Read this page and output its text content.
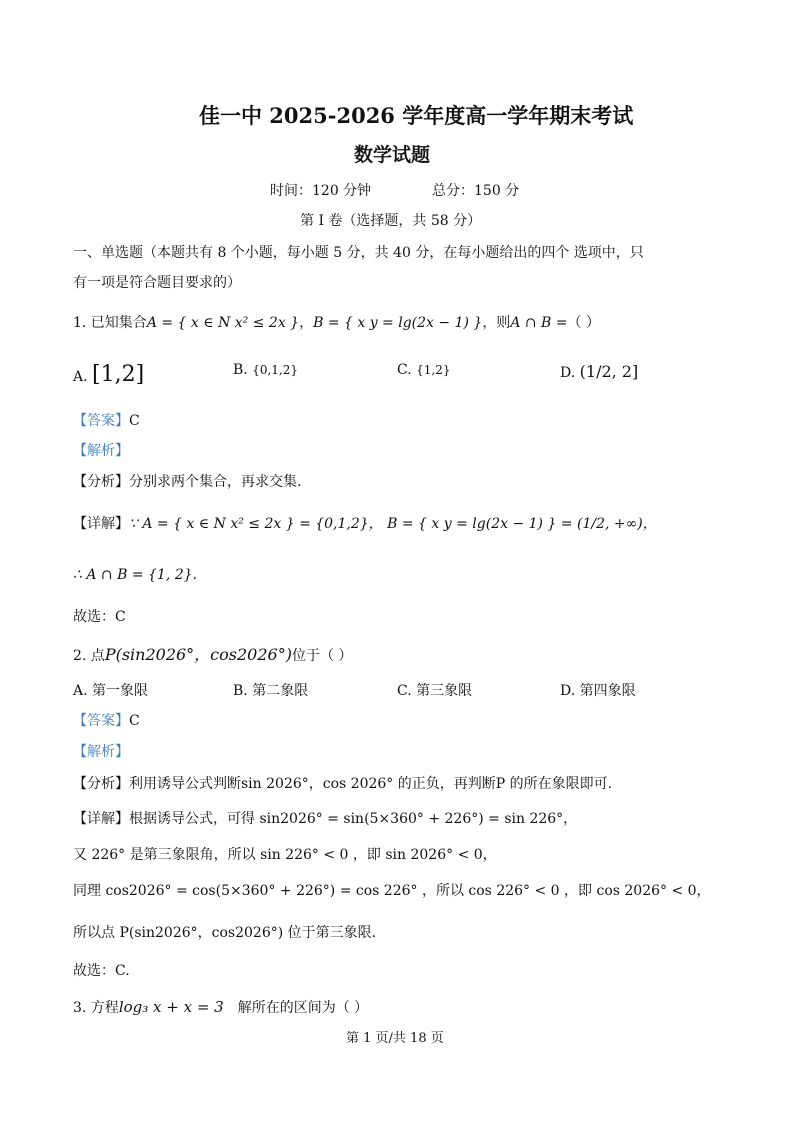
佳一中 2025-2026 学年度高一学年期末考试
数学试题
时间：120 分钟	总分：150 分
第 I 卷（选择题，共 58 分）
一、单选题（本题共有 8 个小题，每小题 5 分，共 40 分，在每小题给出的四个 选项中，只
有一项是符合题目要求的）
1. 已知集合A = { x ∈ N x² ≤ 2x }，B = { x y = lg(2x − 1) }，则A ∩ B =（ ）
A. [1,2]	B. {0,1,2}	C. {1,2}	D. (1/2, 2]
【答案】C
【解析】
【分析】分别求两个集合，再求交集.
【详解】∵ A = { x ∈ N x² ≤ 2x } = {0,1,2}， B = { x y = lg(2x − 1) } = (1/2, +∞)，
∴ A ∩ B = {1, 2}.
故选：C
2. 点P(sin2026°，cos2026°)位于（ ）
A. 第一象限	B. 第二象限	C. 第三象限	D. 第四象限
【答案】C
【解析】
【分析】利用诱导公式判断sin 2026°，cos 2026° 的正负，再判断P 的所在象限即可.
【详解】根据诱导公式，可得 sin2026° = sin(5×360° + 226°) = sin 226°，
又 226° 是第三象限角，所以 sin 226° < 0 ，即 sin 2026° < 0，
同理 cos2026° = cos(5×360° + 226°) = cos 226° ，所以 cos 226° < 0 ，即 cos 2026° < 0，
所以点 P(sin2026°，cos2026°) 位于第三象限.
故选：C.
3. 方程log₃ x + x = 3 解所在的区间为（ ）
第 1 页/共 18 页
